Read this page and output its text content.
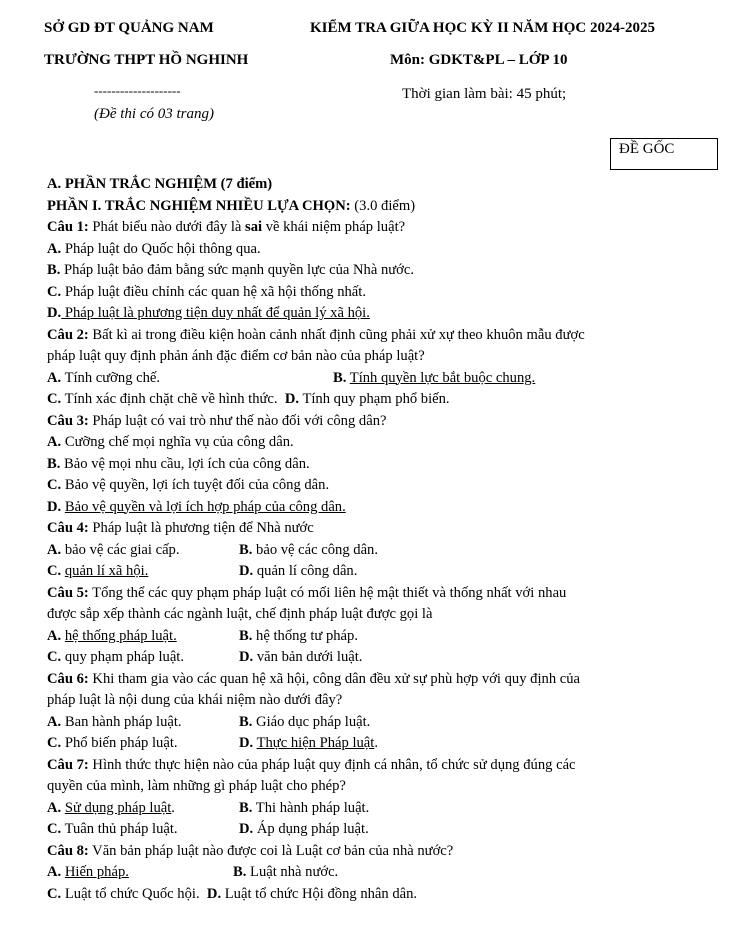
SỞ GD ĐT QUẢNG NAM
TRƯỜNG THPT HỒ NGHINH
--------------------
(Đề thi có 03 trang)
KIỂM TRA GIỮA HỌC KỲ II NĂM HỌC 2024-2025
Môn: GDKT&PL – LỚP 10
Thời gian làm bài: 45 phút;
ĐỀ GỐC
A. PHẦN TRẮC NGHIỆM (7 điểm)
PHẦN I. TRẮC NGHIỆM NHIỀU LỰA CHỌN: (3.0 điểm)
Câu 1: Phát biểu nào dưới đây là sai về khái niệm pháp luật?
A. Pháp luật do Quốc hội thông qua.
B. Pháp luật bảo đảm bằng sức mạnh quyền lực của Nhà nước.
C. Pháp luật điều chỉnh các quan hệ xã hội thống nhất.
D. Pháp luật là phương tiện duy nhất để quản lý xã hội.
Câu 2: Bất kì ai trong điều kiện hoàn cảnh nhất định cũng phải xử xự theo khuôn mẫu được
pháp luật quy định phản ánh đặc điểm cơ bản nào của pháp luật?
A. Tính cưỡng chế.	B. Tính quyền lực bắt buộc chung.
C. Tính xác định chặt chẽ về hình thức. D. Tính quy phạm phổ biến.
Câu 3: Pháp luật có vai trò như thế nào đối với công dân?
A. Cưỡng chế mọi nghĩa vụ của công dân.
B. Bảo vệ mọi nhu cầu, lợi ích của công dân.
C. Bảo vệ quyền, lợi ích tuyệt đối của công dân.
D. Bảo vệ quyền và lợi ích hợp pháp của công dân.
Câu 4: Pháp luật là phương tiện để Nhà nước
A. bảo vệ các giai cấp.	B. bảo vệ các công dân.
C. quản lí xã hội.	D. quản lí công dân.
Câu 5: Tổng thể các quy phạm pháp luật có mối liên hệ mật thiết và thống nhất với nhau
được sắp xếp thành các ngành luật, chế định pháp luật được gọi là
A. hệ thống pháp luật.	B. hệ thống tư pháp.
C. quy phạm pháp luật.	D. văn bản dưới luật.
Câu 6: Khi tham gia vào các quan hệ xã hội, công dân đều xử sự phù hợp với quy định của
pháp luật là nội dung của khái niệm nào dưới đây?
A. Ban hành pháp luật.	B. Giáo dục pháp luật.
C. Phổ biến pháp luật.	D. Thực hiện Pháp luật.
Câu 7: Hình thức thực hiện nào của pháp luật quy định cá nhân, tổ chức sử dụng đúng các
quyền của mình, làm những gì pháp luật cho phép?
A. Sử dụng pháp luật.	B. Thi hành pháp luật.
C. Tuân thủ pháp luật.	D. Áp dụng pháp luật.
Câu 8: Văn bản pháp luật nào được coi là Luật cơ bản của nhà nước?
A. Hiến pháp.	B. Luật nhà nước.
C. Luật tổ chức Quốc hội. D. Luật tổ chức Hội đồng nhân dân.
